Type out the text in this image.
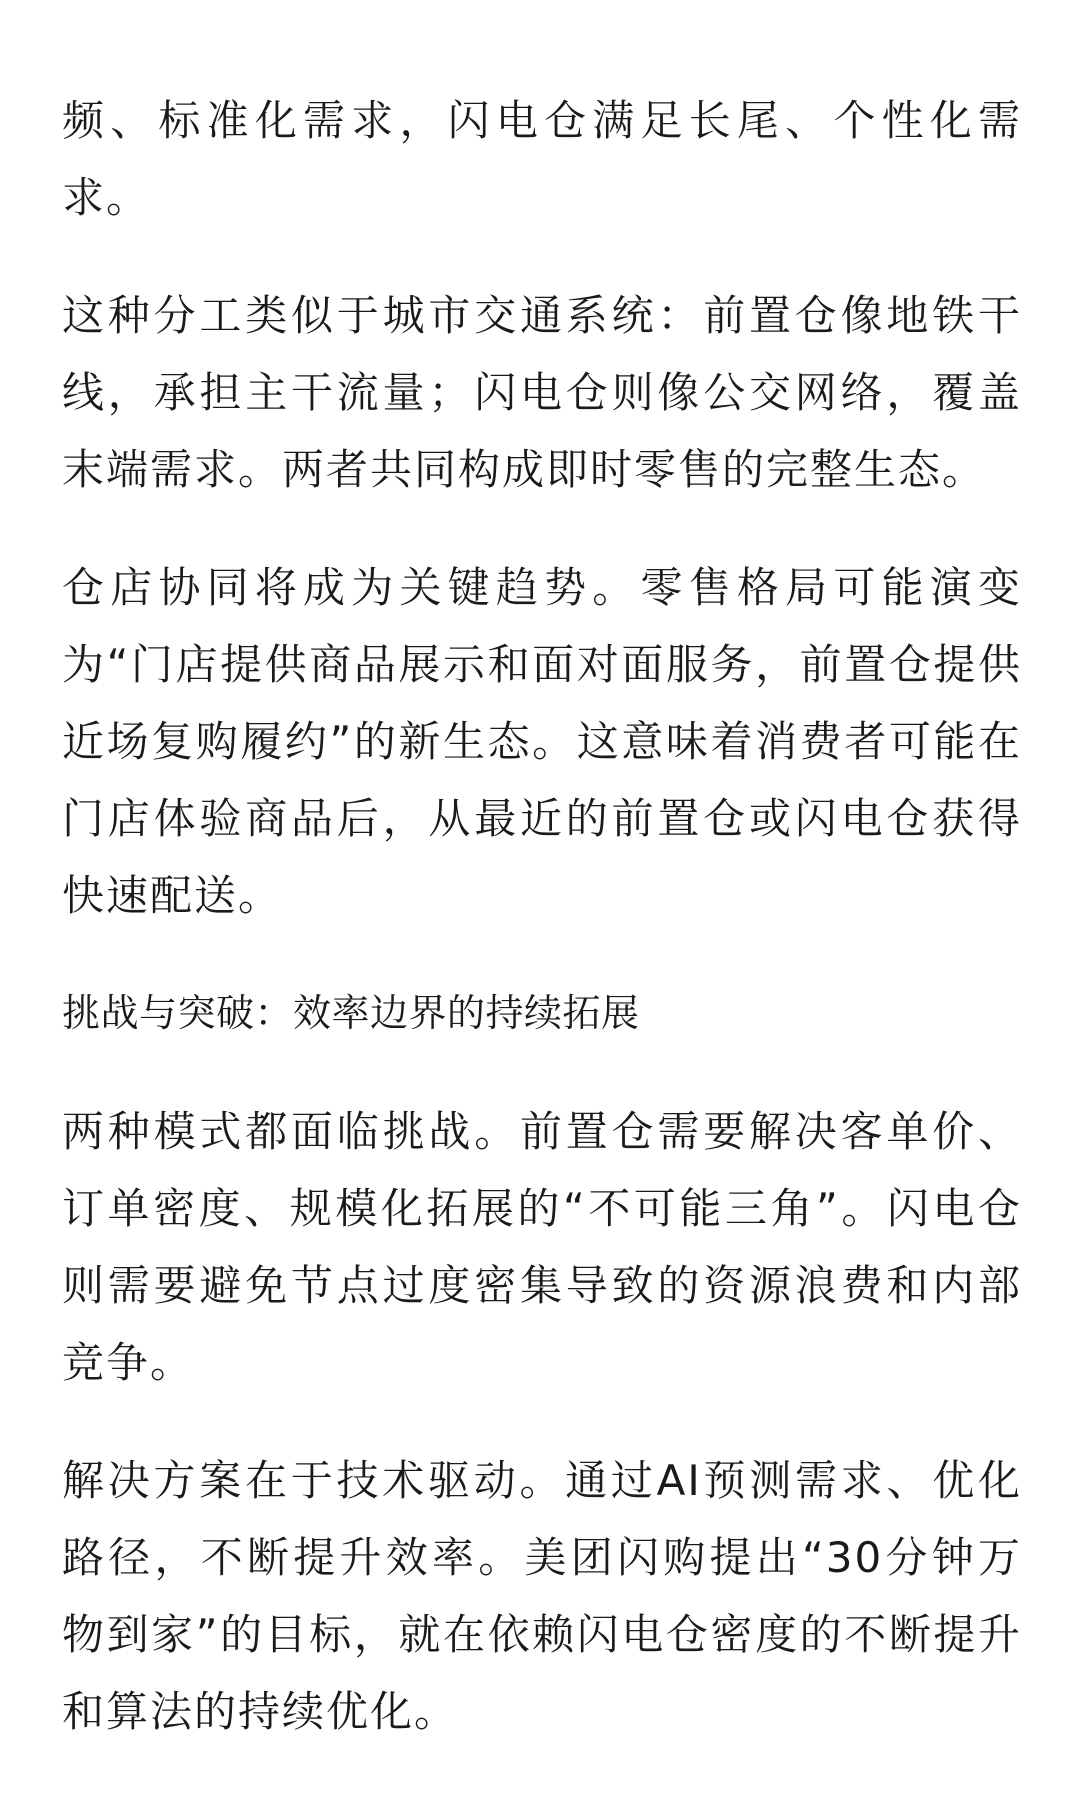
频、标准化需求，闪电仓满足长尾、个性化需求。

这种分工类似于城市交通系统：前置仓像地铁干线，承担主干流量；闪电仓则像公交网络，覆盖末端需求。两者共同构成即时零售的完整生态。

仓店协同将成为关键趋势。零售格局可能演变为“门店提供商品展示和面对面服务，前置仓提供近场复购履约”的新生态。这意味着消费者可能在门店体验商品后，从最近的前置仓或闪电仓获得快速配送。

挑战与突破：效率边界的持续拓展

两种模式都面临挑战。前置仓需要解决客单价、订单密度、规模化拓展的“不可能三角”。闪电仓则需要避免节点过度密集导致的资源浪费和内部竞争。

解决方案在于技术驱动。通过AI预测需求、优化路径，不断提升效率。美团闪购提出“30分钟万物到家”的目标，就在依赖闪电仓密度的不断提升和算法的持续优化。
